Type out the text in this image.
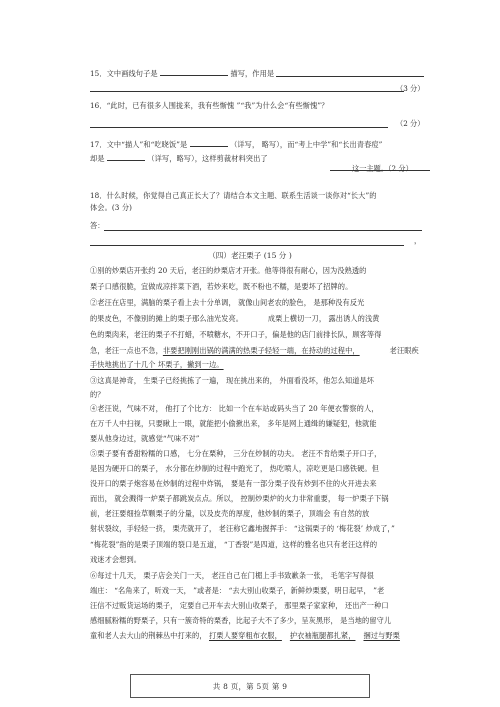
15．文中画线句子是	描写，作用是
（3 分）
16．“此时，已有很多人围拢来，我有些惭愧 ”“我”为什么会“有些惭愧”？
（2 分）
17．文中“描人”和“吃晓饭”是	（详写， 略写），而“考上中学”和“长出青春痘”
却是	（详写，略写），这样剪裁材料突出了
这一主题。（2 分）
18．什么时候，你觉得自己真正长大了？请结合本文主题、联系生活谈一谈你对“长大”的
体会。(3 分)
答：
，
（四）老汪栗子 (15 分 )
①别的炒栗店开张约 20 天后，老汪的炒栗店才开张。他等得很有耐心，因为没熟透的
栗子口感很脆，宜做成凉拌菜下酒，若炒来吃，既不粉也不糯，是要坏了招牌的。
②老汪在店里，满脑的栗子看上去十分单调， 就像山间老农的脸色， 是那种没有反光
的果皮色，不像别的摊上的栗子那么油光发亮。	成栗上横切一刀， 露出诱人的浅黄
色的栗肉来，老汪的栗子不打蜡，不喷糖水，不开口子，偏是他的店门前排长队，顾客等得
急，老汪一点也不急，非要把刚刚出锅的满满的热栗子轻轻一端，在持动的过程中，	老汪眼疾
手快地挑出了十几个 坏栗子，撇到一边。
③这真是神奇， 生栗子已经挑拣了一遍， 现在挑出来的， 外面看没坏，他怎么知道是坏
的？
④老汪说，气味不对， 他打了个比方： 比如一个在车站或码头当了 20 年便衣警察的人，
在万千人中扫视，只要瞅上一眼，就能把小偷揪出来， 多年是网上通缉的嫌疑犯，他就能
要从他身边过，就感觉“气味不对”
⑤栗子要有香甜粉糯的口感， 七分在栗种， 三分在炒制的功夫。 老汪不肯给栗子开口子，
是因为硬开口的栗子， 水分都在炒制的过程中跑光了， 热吃喷人，凉吃更是口感铁硬。但
没开口的栗子炮容易在炒制的过程中炸锅， 要是有一部分栗子没有炒到不住的火开进去来
而出， 就会溅得一炉栗子都跳炭点点。所以， 控制炒栗炉的火力非常重要， 每一炉栗子下锅
前，老汪要细捡草颗栗子的分量，以及皮壳的厚度，他炒制的栗子，顶端会 有自然的放
射状裂纹，手轻轻一挤， 栗壳就开了， 老汪称它鑫地握挥手： “这锅栗子的 ‘梅花裂’ 炒成了，”
“梅花裂”指的是栗子顶端的裂口是五道， “丁香裂”是四道，这样的雅名也只有老汪这样的
戏迷才会想到。
⑥每过十几天， 栗子店会关门一天， 老汪自己在门楣上手书致歉条一张， 毛笔字写得很
端庄： “名角来了，听戏一天， ”或者是： “去大别山收栗子，新鲜炒栗要，明日起早， ”老
汪信不过贩货运场的栗子， 定要自己开车去大别山收栗子， 那里栗子家家种， 还出产一种口
感细腻粉糯的野栗子，只有一簇奇特的栗香，比起子大不了多少，呈灰黑形， 是当地的留守儿
童和老人去大山的荆棘丛中打来的， 打栗人要穿粗布衣服， 护衣袖瓶腿都扎紧， 捆过与野栗
共 8 页，第 5页 第 9
